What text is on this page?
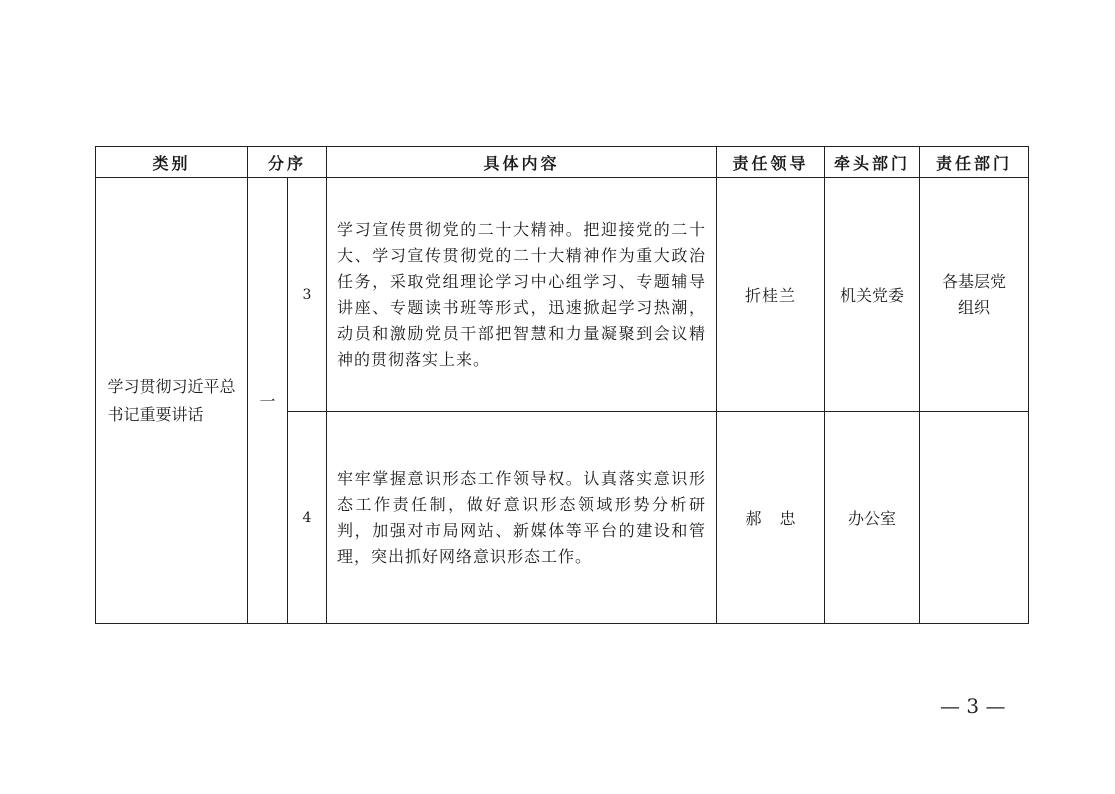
类别	分序		具体内容	责任领导	牵头部门	责任部门

学习贯彻习近平总书记重要讲话	一	3	学习宣传贯彻党的二十大精神。把迎接党的二十大、学习宣传贯彻党的二十大精神作为重大政治任务，采取党组理论学习中心组学习、专题辅导讲座、专题读书班等形式，迅速掀起学习热潮，动员和激励党员干部把智慧和力量凝聚到会议精神的贯彻落实上来。	折桂兰	机关党委	各基层党组织

		4	牢牢掌握意识形态工作领导权。认真落实意识形态工作责任制，做好意识形态领域形势分析研判，加强对市局网站、新媒体等平台的建设和管理，突出抓好网络意识形态工作。	郝忠	办公室	
— 3 —
